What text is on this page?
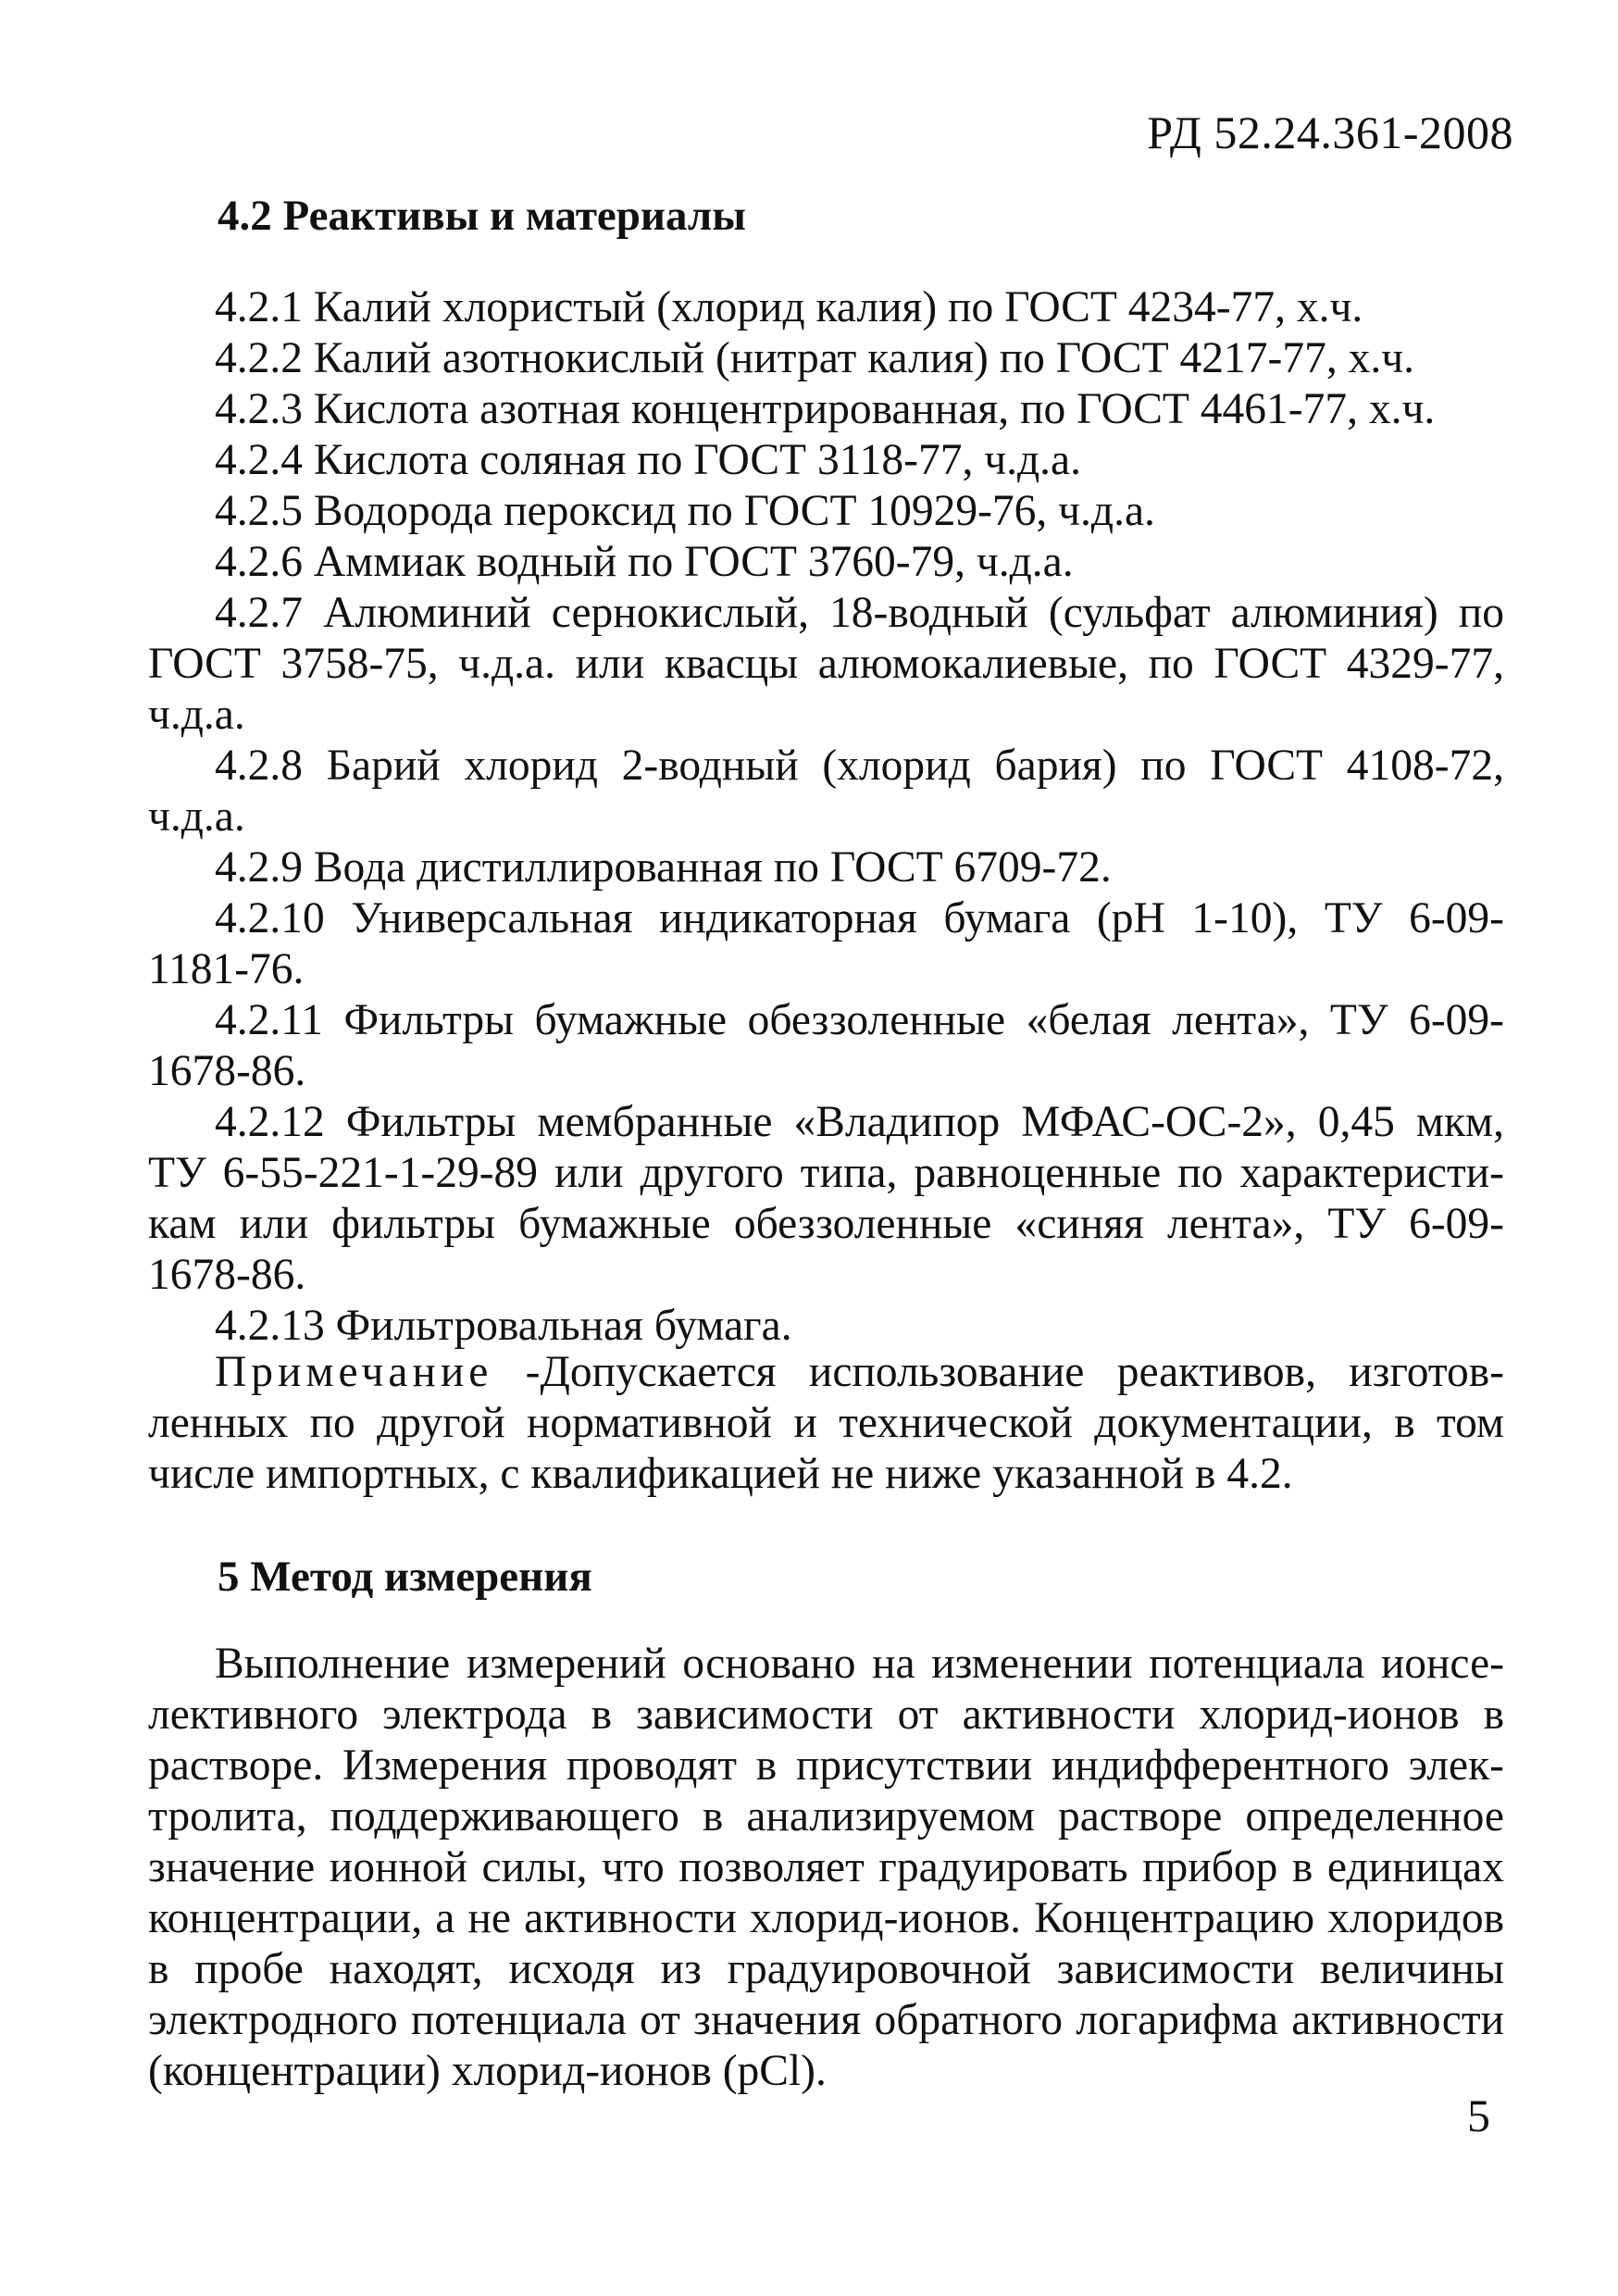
РД 52.24.361-2008
4.2 Реактивы и материалы
4.2.1 Калий хлористый (хлорид калия) по ГОСТ 4234-77, х.ч.
4.2.2 Калий азотнокислый (нитрат калия) по ГОСТ 4217-77, х.ч.
4.2.3 Кислота азотная концентрированная, по ГОСТ 4461-77, х.ч.
4.2.4 Кислота соляная по ГОСТ 3118-77, ч.д.а.
4.2.5 Водорода пероксид по ГОСТ 10929-76, ч.д.а.
4.2.6 Аммиак водный по ГОСТ 3760-79, ч.д.а.
4.2.7 Алюминий сернокислый, 18-водный (сульфат алюминия) по
ГОСТ 3758-75, ч.д.а. или квасцы алюмокалиевые, по ГОСТ 4329-77,
ч.д.а.
4.2.8 Барий хлорид 2-водный (хлорид бария) по ГОСТ 4108-72,
ч.д.а.
4.2.9 Вода дистиллированная по ГОСТ 6709-72.
4.2.10 Универсальная индикаторная бумага (рН 1-10), ТУ 6-09-
1181-76.
4.2.11 Фильтры бумажные обеззоленные «белая лента», ТУ 6-09-
1678-86.
4.2.12 Фильтры мембранные «Владипор МФАС-ОС-2», 0,45 мкм,
ТУ 6-55-221-1-29-89 или другого типа, равноценные по характеристи-
кам или фильтры бумажные обеззоленные «синяя лента», ТУ 6-09-
1678-86.
4.2.13 Фильтровальная бумага.
Примечание -Допускается использование реактивов, изготов-
ленных по другой нормативной и технической документации, в том
числе импортных, с квалификацией не ниже указанной в 4.2.
5 Метод измерения
Выполнение измерений основано на изменении потенциала ионсе-
лективного электрода в зависимости от активности хлорид-ионов в
растворе. Измерения проводят в присутствии индифферентного элек-
тролита, поддерживающего в анализируемом растворе определенное
значение ионной силы, что позволяет градуировать прибор в единицах
концентрации, а не активности хлорид-ионов. Концентрацию хлоридов
в пробе находят, исходя из градуировочной зависимости величины
электродного потенциала от значения обратного логарифма активности
(концентрации) хлорид-ионов (рСl).
5
